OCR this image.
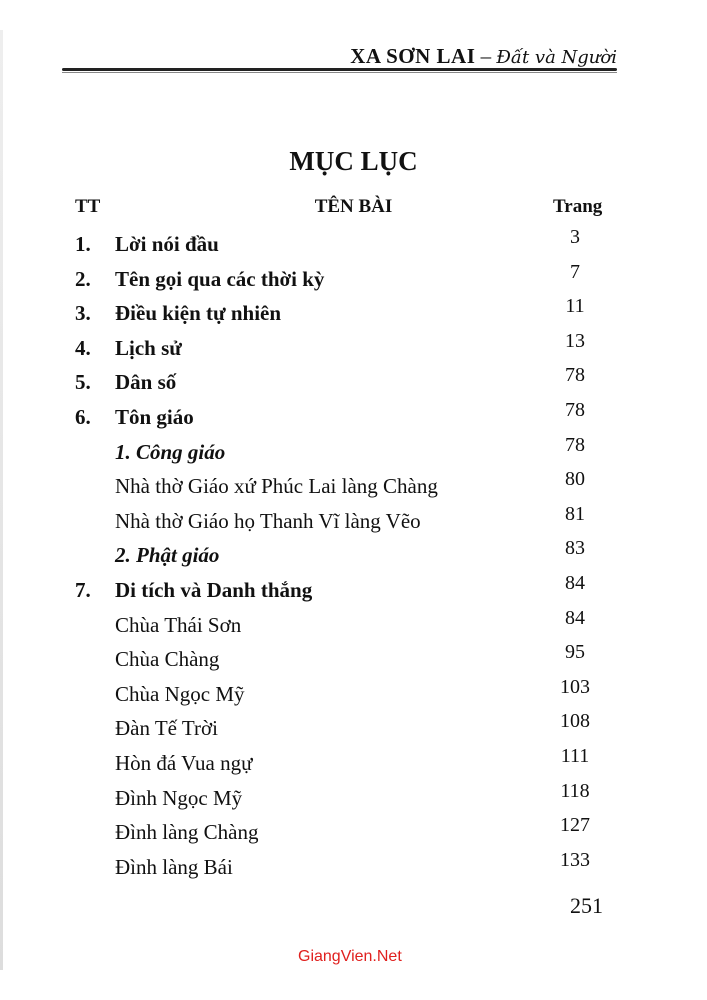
XA SƠN LAI – Đất và Người
MỤC LỤC
TT	TÊN BÀI	Trang
1. Lời nói đầu	3
2. Tên gọi qua các thời kỳ	7
3. Điều kiện tự nhiên	11
4. Lịch sử	13
5. Dân số	78
6. Tôn giáo	78
1. Công giáo	78
Nhà thờ Giáo xứ Phúc Lai làng Chàng	80
Nhà thờ Giáo họ Thanh Vĩ làng Vẽo	81
2. Phật giáo	83
7. Di tích và Danh thắng	84
Chùa Thái Sơn	84
Chùa Chàng	95
Chùa Ngọc Mỹ	103
Đàn Tế Trời	108
Hòn đá Vua ngự	111
Đình Ngọc Mỹ	118
Đình làng Chàng	127
Đình làng Bái	133
251
GiangVien.Net
